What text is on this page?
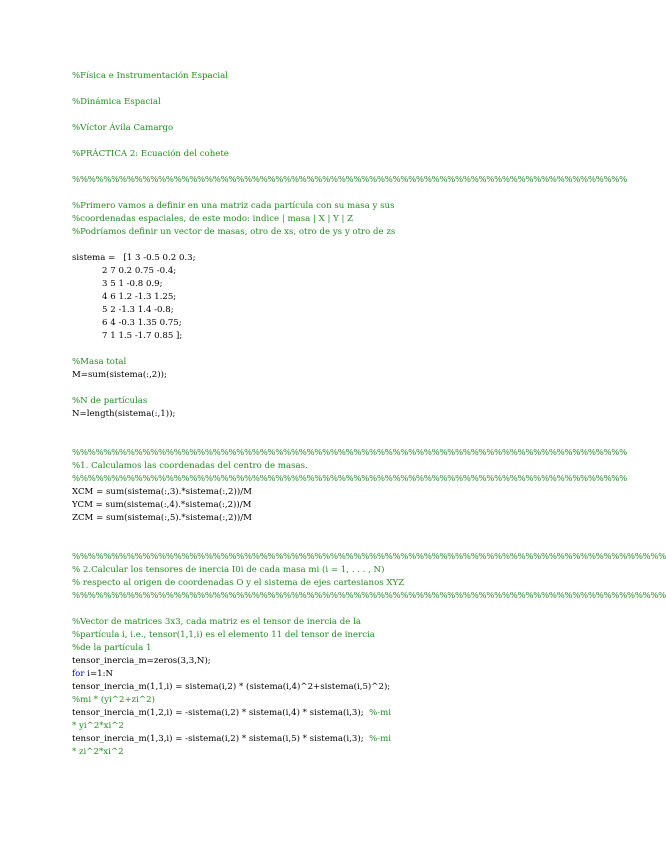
%Física e Instrumentación Espacial
%Dinámica Espacial
%Víctor Ávila Camargo
%PRÁCTICA 2: Ecuación del cohete
%%%%%%%%%%%%%%%%%%%%%%%%%%%%%%%%%%%%%%%%%%%%%%%%%%%%%%%%%%%%%%%%%%%%%%%
%Primero vamos a definir en una matriz cada partícula con su masa y sus
%coordenadas espaciales, de este modo: indice | masa | X | Y | Z
%Podríamos definir un vector de masas, otro de xs, otro de ys y otro de zs
sistema =   [1 3 -0.5 0.2 0.3;
2 7 0.2 0.75 -0.4;
3 5 1 -0.8 0.9;
4 6 1.2 -1.3 1.25;
5 2 -1.3 1.4 -0.8;
6 4 -0.3 1.35 0.75;
7 1 1.5 -1.7 0.85 ];
%Masa total
M=sum(sistema(:,2));
%N de partículas
N=length(sistema(:,1));
%%%%%%%%%%%%%%%%%%%%%%%%%%%%%%%%%%%%%%%%%%%%%%%%%%%%%%%%%%%%%%%%%%%%%%%
%1. Calculamos las coordenadas del centro de masas.
%%%%%%%%%%%%%%%%%%%%%%%%%%%%%%%%%%%%%%%%%%%%%%%%%%%%%%%%%%%%%%%%%%%%%%%
XCM = sum(sistema(:,3).*sistema(:,2))/M
YCM = sum(sistema(:,4).*sistema(:,2))/M
ZCM = sum(sistema(:,5).*sistema(:,2))/M
%%%%%%%%%%%%%%%%%%%%%%%%%%%%%%%%%%%%%%%%%%%%%%%%%%%%%%%%%%%%%%%%%%%%%%%%%%%%
% 2.Calcular los tensores de inercia I0i de cada masa mi (i = 1, . . . , N)
% respecto al origen de coordenadas O y el sistema de ejes cartesianos XYZ
%%%%%%%%%%%%%%%%%%%%%%%%%%%%%%%%%%%%%%%%%%%%%%%%%%%%%%%%%%%%%%%%%%%%%%%%%%%%
%Vector de matrices 3x3, cada matriz es el tensor de inercia de la
%partícula i, i.e., tensor(1,1,i) es el elemento 11 del tensor de inercia
%de la partícula 1
tensor_inercia_m=zeros(3,3,N);
for i=1:N
tensor_inercia_m(1,1,i) = sistema(i,2) * (sistema(i,4)^2+sistema(i,5)^2);
%mi * (yi^2+zi^2)
tensor_inercia_m(1,2,i) = -sistema(i,2) * sistema(i,4) * sistema(i,3);  %-mi
* yi^2*xi^2
tensor_inercia_m(1,3,i) = -sistema(i,2) * sistema(i,5) * sistema(i,3);  %-mi
* zi^2*xi^2
